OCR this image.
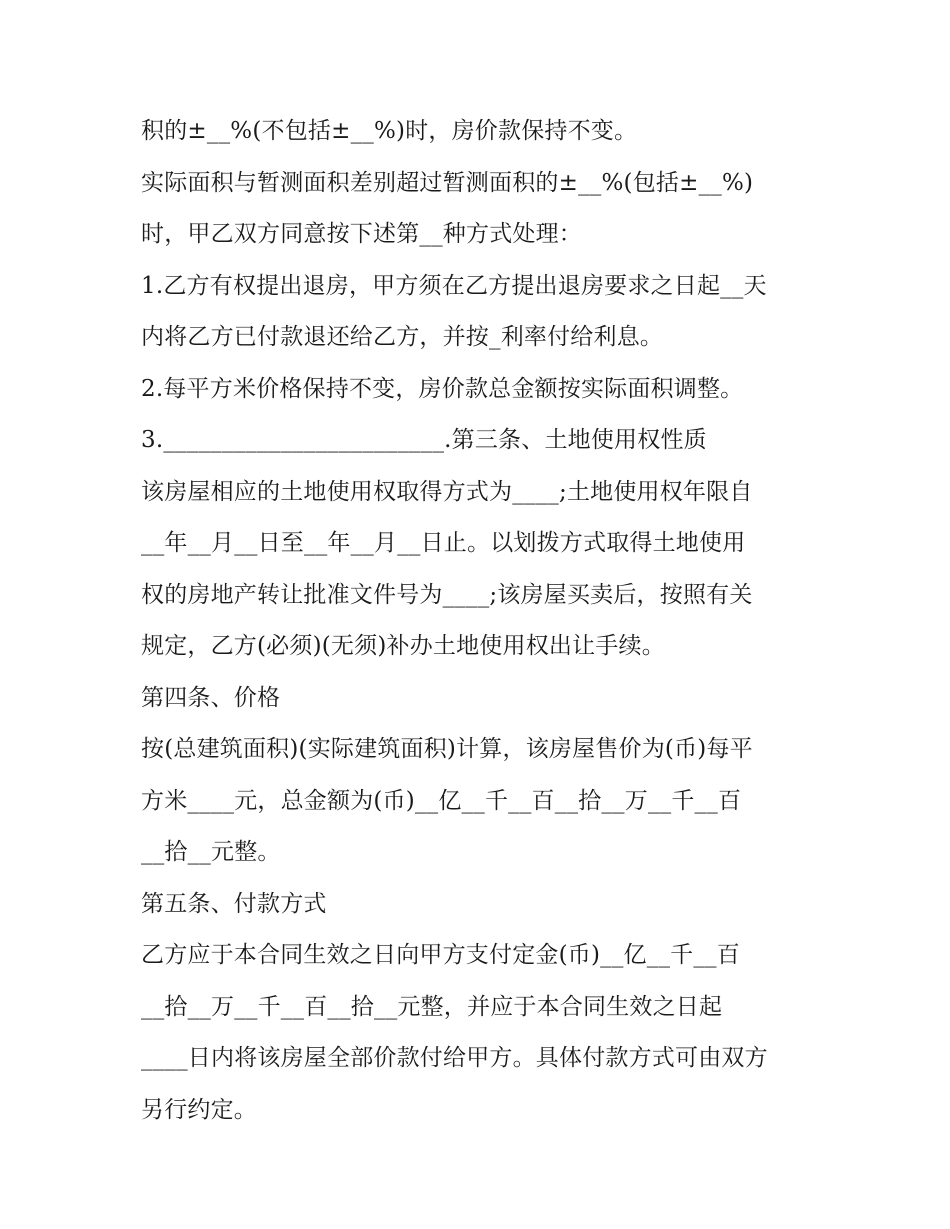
积的±__%(不包括±__%)时，房价款保持不变。
实际面积与暂测面积差别超过暂测面积的±__%(包括±__%)
时，甲乙双方同意按下述第__种方式处理：
1.乙方有权提出退房，甲方须在乙方提出退房要求之日起__天
内将乙方已付款退还给乙方，并按_利率付给利息。
2.每平方米价格保持不变，房价款总金额按实际面积调整。
3.________________________.第三条、土地使用权性质
该房屋相应的土地使用权取得方式为____;土地使用权年限自
__年__月__日至__年__月__日止。以划拨方式取得土地使用
权的房地产转让批准文件号为____;该房屋买卖后，按照有关
规定，乙方(必须)(无须)补办土地使用权出让手续。
第四条、价格
按(总建筑面积)(实际建筑面积)计算，该房屋售价为(币)每平
方米____元，总金额为(币)__亿__千__百__拾__万__千__百
__拾__元整。
第五条、付款方式
乙方应于本合同生效之日向甲方支付定金(币)__亿__千__百
__拾__万__千__百__拾__元整，并应于本合同生效之日起
____日内将该房屋全部价款付给甲方。具体付款方式可由双方
另行约定。
